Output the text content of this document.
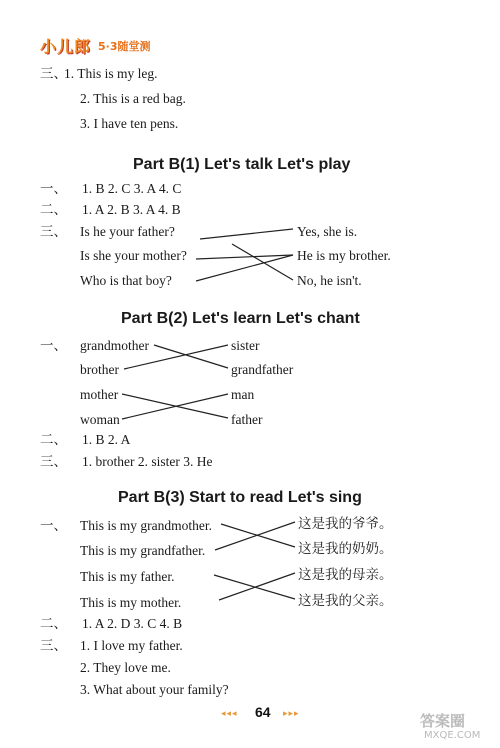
小儿郎 5·3随堂测
三、
1. This is my leg.
2. This is a red bag.
3. I have ten pens.
Part B(1) Let's talk Let's play
一、 1. B 2. C 3. A 4. C
二、 1. A 2. B 3. A 4. B
三、 Is he your father?
Is she your mother?
Who is that boy?
Yes, she is.
He is my brother.
No, he isn't.
Part B(2) Let's learn Let's chant
一、 grandmother
brother
mother
woman
sister
grandfather
man
father
二、 1. B 2. A
三、 1. brother 2. sister 3. He
Part B(3) Start to read Let's sing
一、 This is my grandmother.
This is my grandfather.
This is my father.
This is my mother.
这是我的爷爷。
这是我的奶奶。
这是我的母亲。
这是我的父亲。
二、 1. A 2. D 3. C 4. B
三、 1. I love my father.
2. They love me.
3. What about your family?
◂◂◂ 64 ▸▸▸	答案圈
MXQE.COM
